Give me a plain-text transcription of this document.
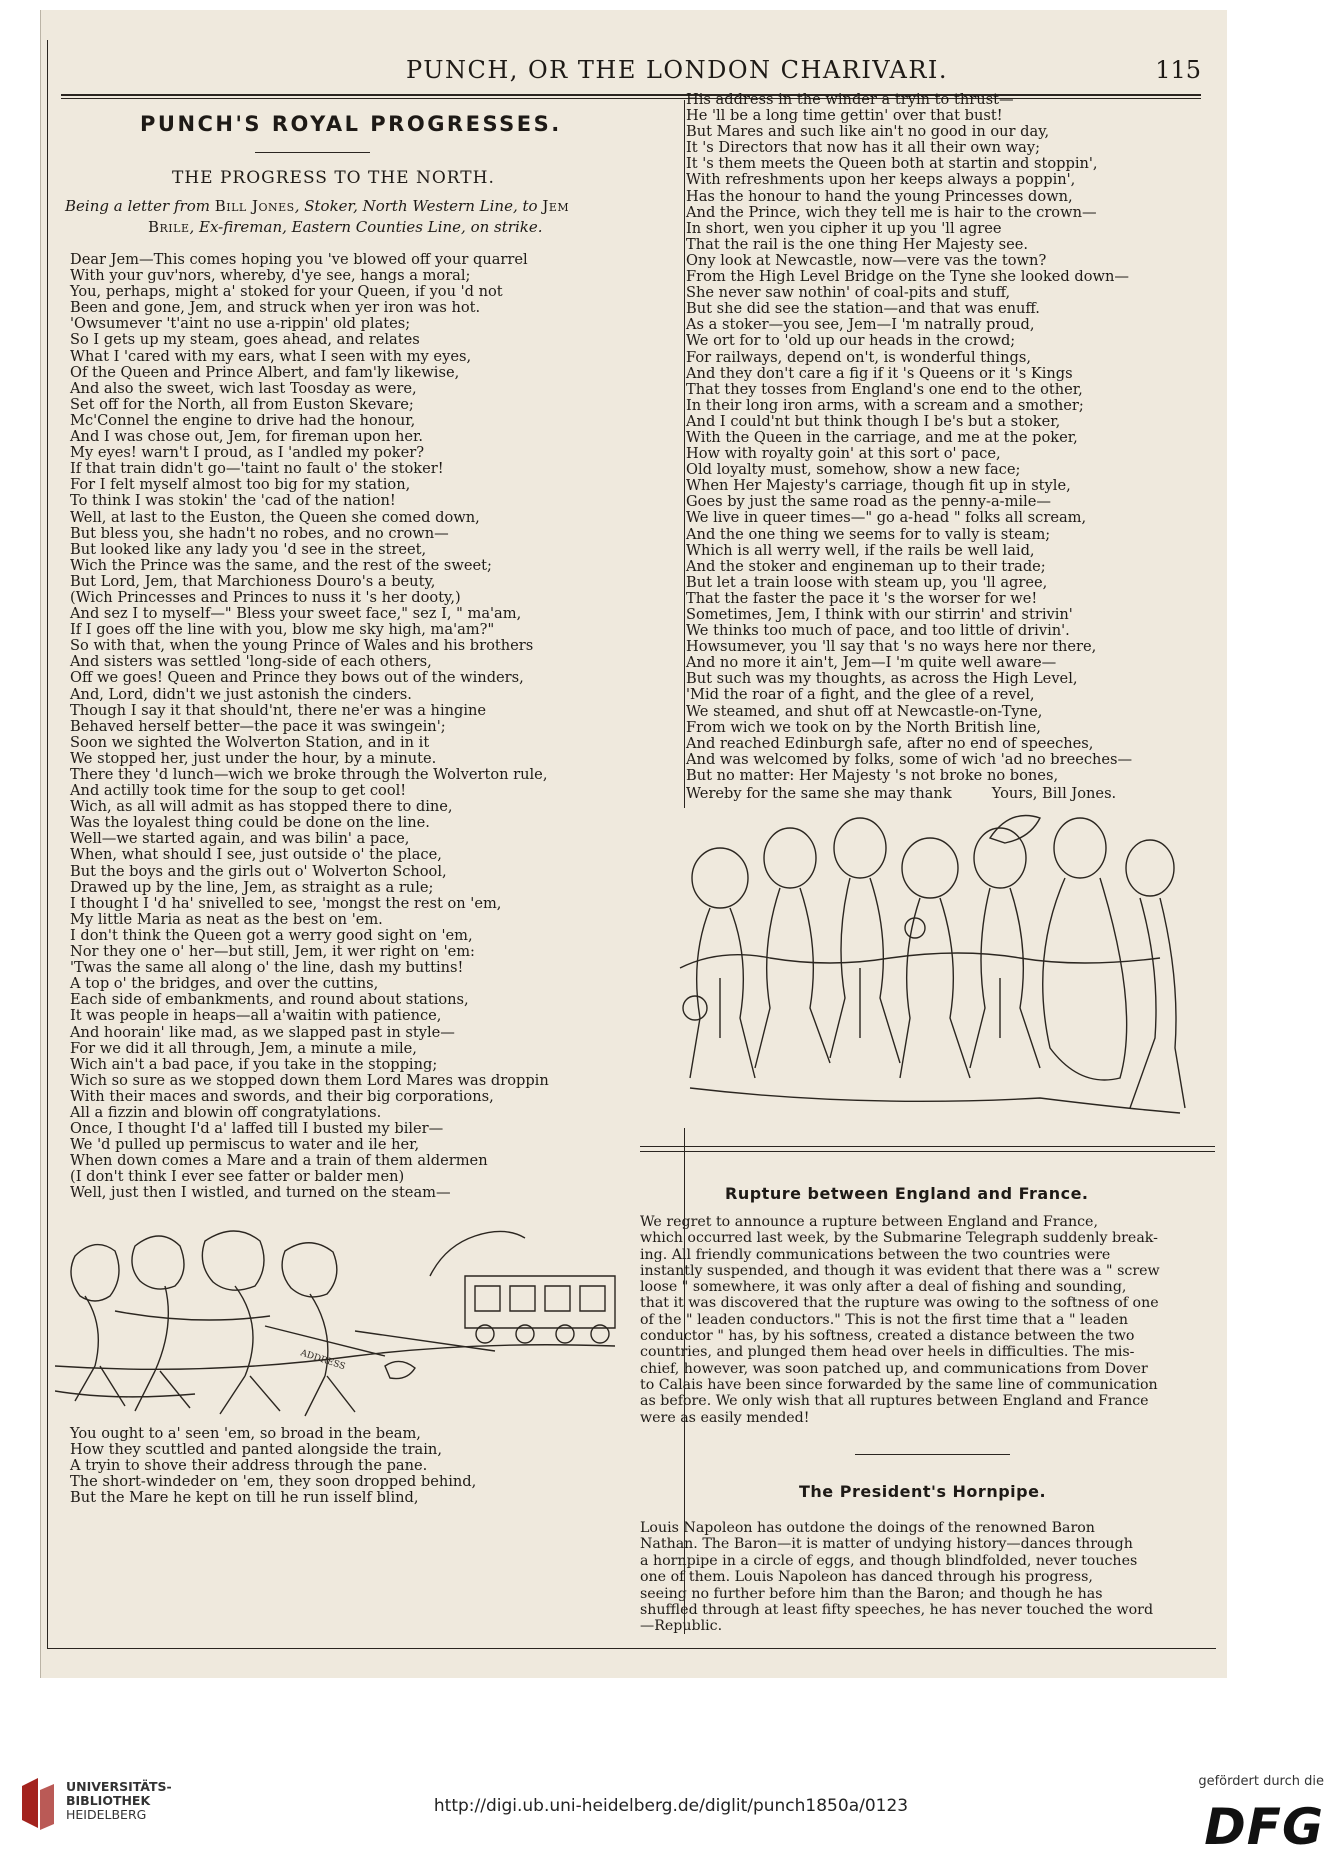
PUNCH, OR THE LONDON CHARIVARI.	115
PUNCH'S ROYAL PROGRESSES.
THE PROGRESS TO THE NORTH.
Being a letter from Bill Jones, Stoker, North Western Line, to Jem
Brile, Ex-fireman, Eastern Counties Line, on strike.

Dear Jem—This comes hoping you 've blowed off your quarrel

With your guv'nors, whereby, d'ye see, hangs a moral;

You, perhaps, might a' stoked for your Queen, if you 'd not

Been and gone, Jem, and struck when yer iron was hot.

'Owsumever 't'aint no use a-rippin' old plates;

So I gets up my steam, goes ahead, and relates

What I 'cared with my ears, what I seen with my eyes,

Of the Queen and Prince Albert, and fam'ly likewise,

And also the sweet, wich last Toosday as were,

Set off for the North, all from Euston Skevare;

Mc'Connel the engine to drive had the honour,

And I was chose out, Jem, for fireman upon her.

My eyes! warn't I proud, as I 'andled my poker?

If that train didn't go—'taint no fault o' the stoker!

For I felt myself almost too big for my station,

To think I was stokin' the 'cad of the nation!

Well, at last to the Euston, the Queen she comed down,

But bless you, she hadn't no robes, and no crown—

But looked like any lady you 'd see in the street,

Wich the Prince was the same, and the rest of the sweet;

But Lord, Jem, that Marchioness Douro's a beuty,

(Wich Princesses and Princes to nuss it 's her dooty,)

And sez I to myself—" Bless your sweet face," sez I, " ma'am,

If I goes off the line with you, blow me sky high, ma'am?"

So with that, when the young Prince of Wales and his brothers

And sisters was settled 'long-side of each others,

Off we goes! Queen and Prince they bows out of the winders,

And, Lord, didn't we just astonish the cinders.

Though I say it that should'nt, there ne'er was a hingine

Behaved herself better—the pace it was swingein';

Soon we sighted the Wolverton Station, and in it

We stopped her, just under the hour, by a minute.

There they 'd lunch—wich we broke through the Wolverton rule,

And actilly took time for the soup to get cool!

Wich, as all will admit as has stopped there to dine,

Was the loyalest thing could be done on the line.

Well—we started again, and was bilin' a pace,

When, what should I see, just outside o' the place,

But the boys and the girls out o' Wolverton School,

Drawed up by the line, Jem, as straight as a rule;

I thought I 'd ha' snivelled to see, 'mongst the rest on 'em,

My little Maria as neat as the best on 'em.

I don't think the Queen got a werry good sight on 'em,

Nor they one o' her—but still, Jem, it wer right on 'em:

'Twas the same all along o' the line, dash my buttins!

A top o' the bridges, and over the cuttins,

Each side of embankments, and round about stations,

It was people in heaps—all a'waitin with patience,

And hoorain' like mad, as we slapped past in style—

For we did it all through, Jem, a minute a mile,

Wich ain't a bad pace, if you take in the stopping;

Wich so sure as we stopped down them Lord Mares was droppin

With their maces and swords, and their big corporations,

All a fizzin and blowin off congratylations.

Once, I thought I'd a' laffed till I busted my biler—

We 'd pulled up permiscus to water and ile her,

When down comes a Mare and a train of them aldermen

(I don't think I ever see fatter or balder men)

Well, just then I wistled, and turned on the steam—

ADDRESS

You ought to a' seen 'em, so broad in the beam,

How they scuttled and panted alongside the train,

A tryin to shove their address through the pane.

The short-windeder on 'em, they soon dropped behind,

But the Mare he kept on till he run isself blind,

His address in the winder a tryin to thrust—

He 'll be a long time gettin' over that bust!

But Mares and such like ain't no good in our day,

It 's Directors that now has it all their own way;

It 's them meets the Queen both at startin and stoppin',

With refreshments upon her keeps always a poppin',

Has the honour to hand the young Princesses down,

And the Prince, wich they tell me is hair to the crown—

In short, wen you cipher it up you 'll agree

That the rail is the one thing Her Majesty see.

Ony look at Newcastle, now—vere vas the town?

From the High Level Bridge on the Tyne she looked down—

She never saw nothin' of coal-pits and stuff,

But she did see the station—and that was enuff.

As a stoker—you see, Jem—I 'm natrally proud,

We ort for to 'old up our heads in the crowd;

For railways, depend on't, is wonderful things,

And they don't care a fig if it 's Queens or it 's Kings

That they tosses from England's one end to the other,

In their long iron arms, with a scream and a smother;

And I could'nt but think though I be's but a stoker,

With the Queen in the carriage, and me at the poker,

How with royalty goin' at this sort o' pace,

Old loyalty must, somehow, show a new face;

When Her Majesty's carriage, though fit up in style,

Goes by just the same road as the penny-a-mile—

We live in queer times—" go a-head " folks all scream,

And the one thing we seems for to vally is steam;

Which is all werry well, if the rails be well laid,

And the stoker and engineman up to their trade;

But let a train loose with steam up, you 'll agree,

That the faster the pace it 's the worser for we!

Sometimes, Jem, I think with our stirrin' and strivin'

We thinks too much of pace, and too little of drivin'.

Howsumever, you 'll say that 's no ways here nor there,

And no more it ain't, Jem—I 'm quite well aware—

But such was my thoughts, as across the High Level,

'Mid the roar of a fight, and the glee of a revel,

We steamed, and shut off at Newcastle-on-Tyne,

From wich we took on by the North British line,

And reached Edinburgh safe, after no end of speeches,

And was welcomed by folks, some of wich 'ad no breeches—

But no matter: Her Majesty 's not broke no bones,

Wereby for the same she may thank	Yours, Bill Jones.
Rupture between England and France.

We regret to announce a rupture between England and France,

which occurred last week, by the Submarine Telegraph suddenly break-

ing. All friendly communications between the two countries were

instantly suspended, and though it was evident that there was a " screw

loose " somewhere, it was only after a deal of fishing and sounding,

that it was discovered that the rupture was owing to the softness of one

of the " leaden conductors." This is not the first time that a " leaden

conductor " has, by his softness, created a distance between the two

countries, and plunged them head over heels in difficulties. The mis-

chief, however, was soon patched up, and communications from Dover

to Calais have been since forwarded by the same line of communication

as before. We only wish that all ruptures between England and France

were as easily mended!

The President's Hornpipe.

Louis Napoleon has outdone the doings of the renowned Baron

Nathan. The Baron—it is matter of undying history—dances through

a hornpipe in a circle of eggs, and though blindfolded, never touches

one of them. Louis Napoleon has danced through his progress,

seeing no further before him than the Baron; and though he has

shuffled through at least fifty speeches, he has never touched the word

—Republic.

UNIVERSITÄTS-
BIBLIOTHEK
HEIDELBERG	http://digi.ub.uni-heidelberg.de/diglit/punch1850a/0123
gefördert durch die
DFG
